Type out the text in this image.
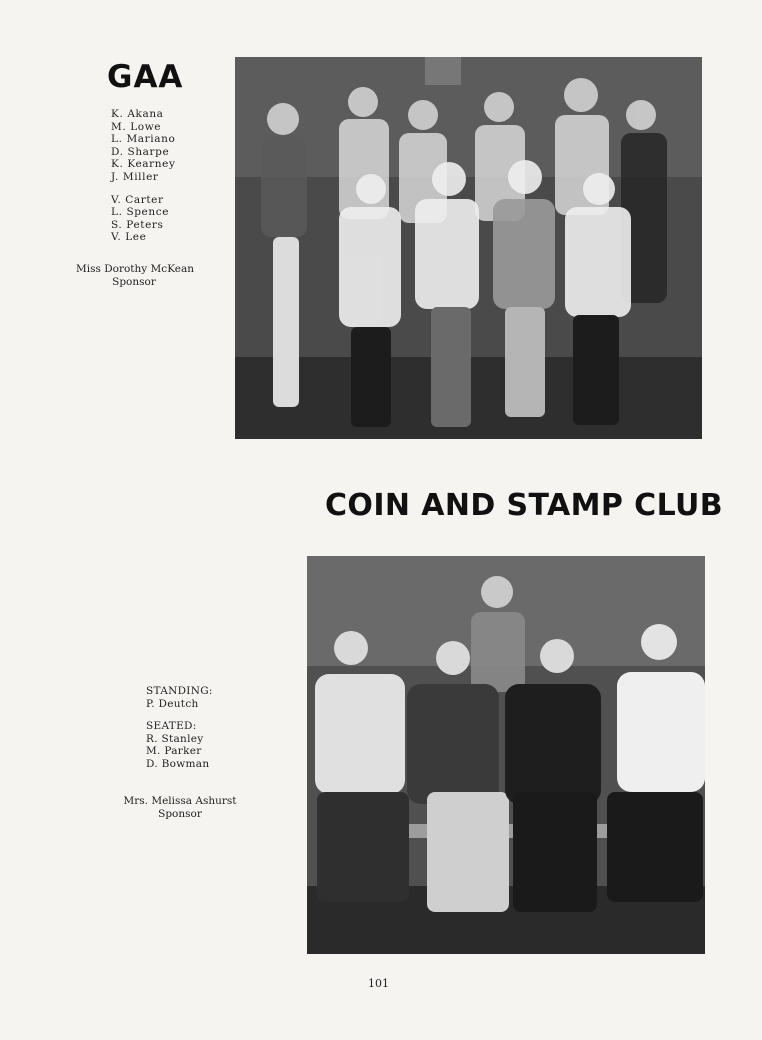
GAA
K. Akana
M. Lowe
L. Mariano
D. Sharpe
K. Kearney
J. Miller
V. Carter
L. Spence
S. Peters
V. Lee
Miss Dorothy McKean
Sponsor
COIN AND STAMP CLUB
STANDING:
P. Deutch
SEATED:
R. Stanley
M. Parker
D. Bowman
Mrs. Melissa Ashurst
Sponsor
101
